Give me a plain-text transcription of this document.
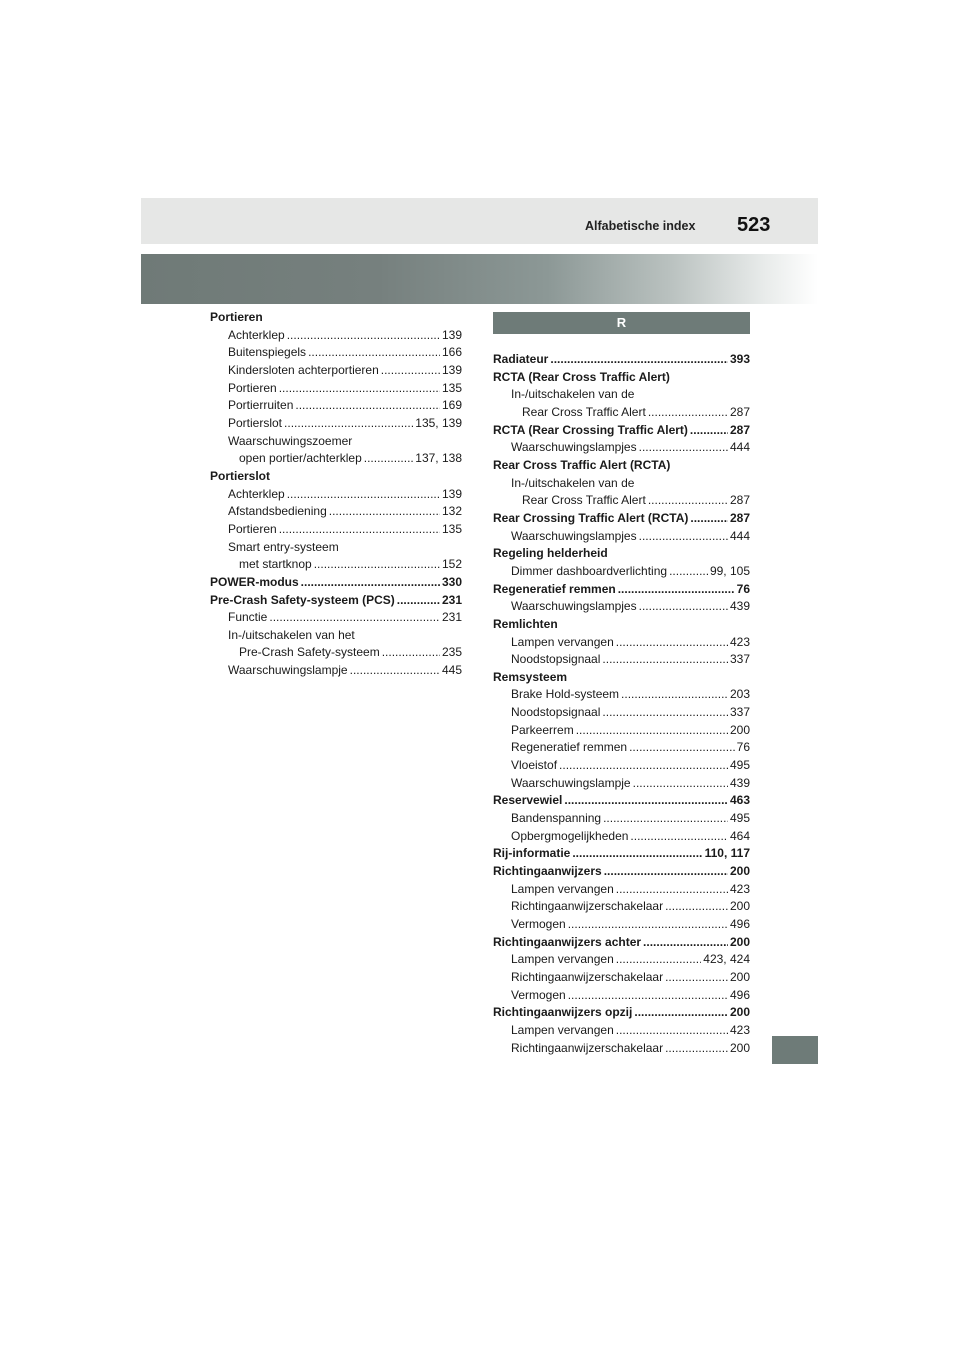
Alfabetische index 523
Portieren
Achterklep .....	139
Buitenspiegels .....	166
Kindersloten achterportieren .....	139
Portieren .....	135
Portierruiten .....	169
Portierslot .....	135, 139
Waarschuwingszoemer
open portier/achterklep .....	137, 138
Portierslot
Achterklep .....	139
Afstandsbediening .....	132
Portieren .....	135
Smart entry-systeem
met startknop .....	152
POWER-modus .....	330
Pre-Crash Safety-systeem (PCS) .....	231
Functie .....	231
In-/uitschakelen van het
Pre-Crash Safety-systeem .....	235
Waarschuwingslampje .....	445
R
Radiateur .....	393
RCTA (Rear Cross Traffic Alert)
In-/uitschakelen van de
Rear Cross Traffic Alert .....	287
RCTA (Rear Crossing Traffic Alert) .....	287
Waarschuwingslampjes .....	444
Rear Cross Traffic Alert (RCTA)
In-/uitschakelen van de
Rear Cross Traffic Alert .....	287
Rear Crossing Traffic Alert (RCTA) .....	287
Waarschuwingslampjes .....	444
Regeling helderheid
Dimmer dashboardverlichting .....	99, 105
Regeneratief remmen .....	76
Waarschuwingslampjes .....	439
Remlichten
Lampen vervangen .....	423
Noodstopsignaal .....	337
Remsysteem
Brake Hold-systeem .....	203
Noodstopsignaal .....	337
Parkeerrem .....	200
Regeneratief remmen .....	76
Vloeistof .....	495
Waarschuwingslampje .....	439
Reservewiel .....	463
Bandenspanning .....	495
Opbergmogelijkheden .....	464
Rij-informatie .....	110, 117
Richtingaanwijzers .....	200
Lampen vervangen .....	423
Richtingaanwijzerschakelaar .....	200
Vermogen .....	496
Richtingaanwijzers achter .....	200
Lampen vervangen .....	423, 424
Richtingaanwijzerschakelaar .....	200
Vermogen .....	496
Richtingaanwijzers opzij .....	200
Lampen vervangen .....	423
Richtingaanwijzerschakelaar .....	200
